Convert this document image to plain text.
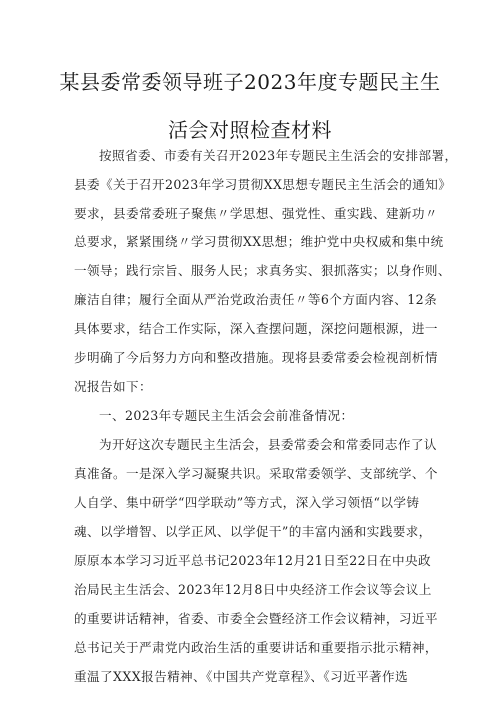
某县委常委领导班子2023年度专题民主生
活会对照检查材料
按照省委、市委有关召开2023年专题民主生活会的安排部署，
县委《关于召开2023年学习贯彻XX思想专题民主生活会的通知》
要求，县委常委班子聚焦〃学思想、强党性、重实践、建新功〃
总要求，紧紧围绕〃学习贯彻XX思想；维护党中央权威和集中统
一领导；践行宗旨、服务人民；求真务实、狠抓落实；以身作则、
廉洁自律；履行全面从严治党政治责任〃等6个方面内容、12条
具体要求，结合工作实际，深入查摆问题，深挖问题根源，进一
步明确了今后努力方向和整改措施。现将县委常委会检视剖析情
况报告如下：
一、2023年专题民主生活会会前准备情况：
为开好这次专题民主生活会，县委常委会和常委同志作了认
真准备。一是深入学习凝聚共识。采取常委领学、支部统学、个
人自学、集中研学“四学联动”等方式，深入学习领悟“以学铸
魂、以学增智、以学正风、以学促干”的丰富内涵和实践要求，
原原本本学习习近平总书记2023年12月21日至22日在中央政
治局民主生活会、2023年12月8日中央经济工作会议等会议上
的重要讲话精神，省委、市委全会暨经济工作会议精神，习近平
总书记关于严肃党内政治生活的重要讲话和重要指示批示精神，
重温了XXX报告精神、《中国共产党章程》、《习近平著作选
